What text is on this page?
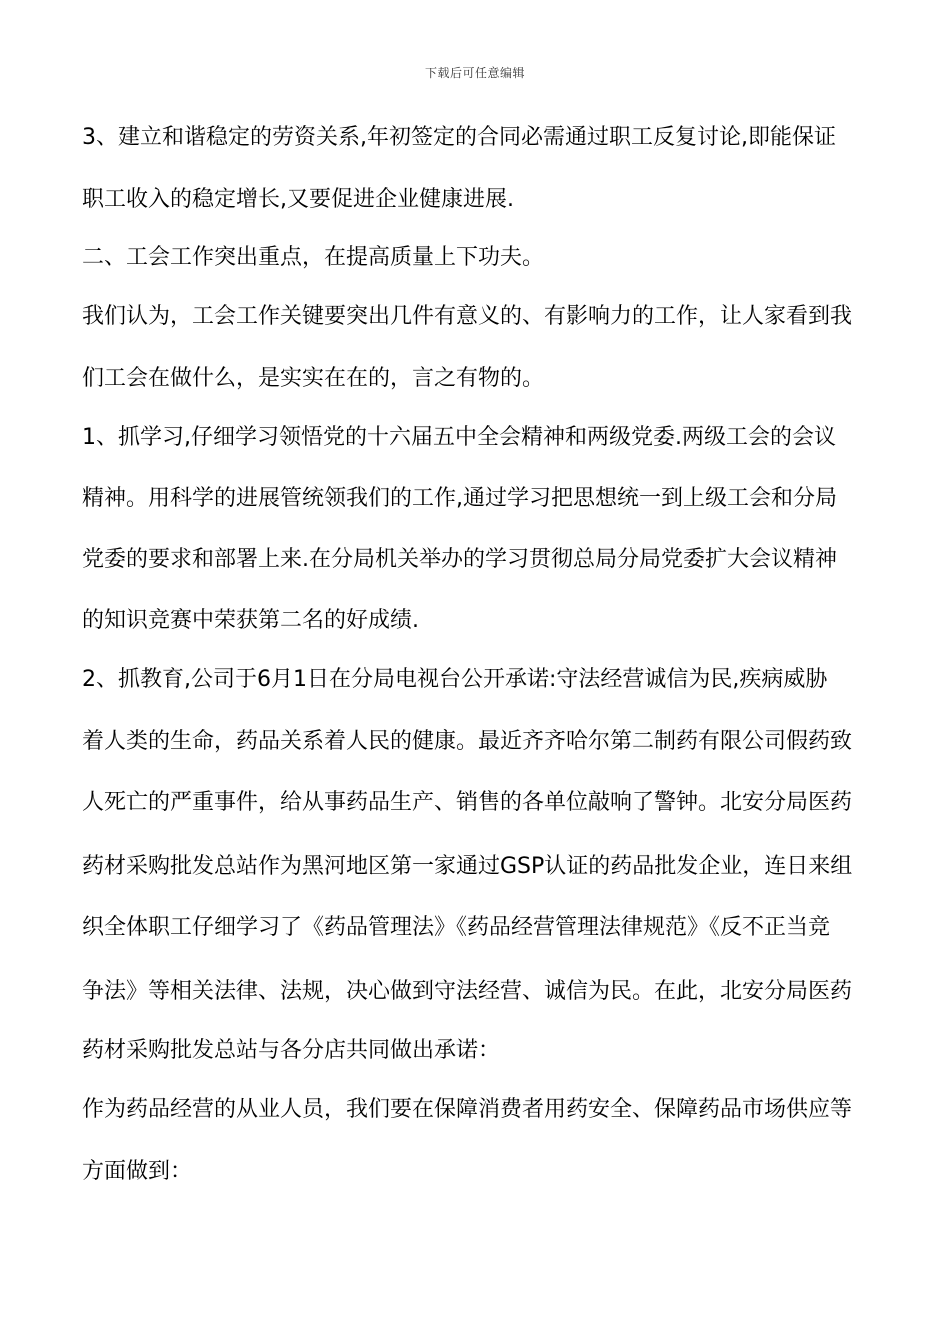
下载后可任意编辑
3、建立和谐稳定的劳资关系,年初签定的合同必需通过职工反复讨论,即能保证
职工收入的稳定增长,又要促进企业健康进展.
二、工会工作突出重点，在提高质量上下功夫。
我们认为，工会工作关键要突出几件有意义的、有影响力的工作，让人家看到我
们工会在做什么，是实实在在的，言之有物的。
1、抓学习,仔细学习领悟党的十六届五中全会精神和两级党委.两级工会的会议
精神。用科学的进展管统领我们的工作,通过学习把思想统一到上级工会和分局
党委的要求和部署上来.在分局机关举办的学习贯彻总局分局党委扩大会议精神
的知识竞赛中荣获第二名的好成绩.
2、抓教育,公司于6月1日在分局电视台公开承诺:守法经营诚信为民,疾病威胁
着人类的生命，药品关系着人民的健康。最近齐齐哈尔第二制药有限公司假药致
人死亡的严重事件，给从事药品生产、销售的各单位敲响了警钟。北安分局医药
药材采购批发总站作为黑河地区第一家通过GSP认证的药品批发企业，连日来组
织全体职工仔细学习了《药品管理法》《药品经营管理法律规范》《反不正当竞
争法》等相关法律、法规，决心做到守法经营、诚信为民。在此，北安分局医药
药材采购批发总站与各分店共同做出承诺：
作为药品经营的从业人员，我们要在保障消费者用药安全、保障药品市场供应等
方面做到：
